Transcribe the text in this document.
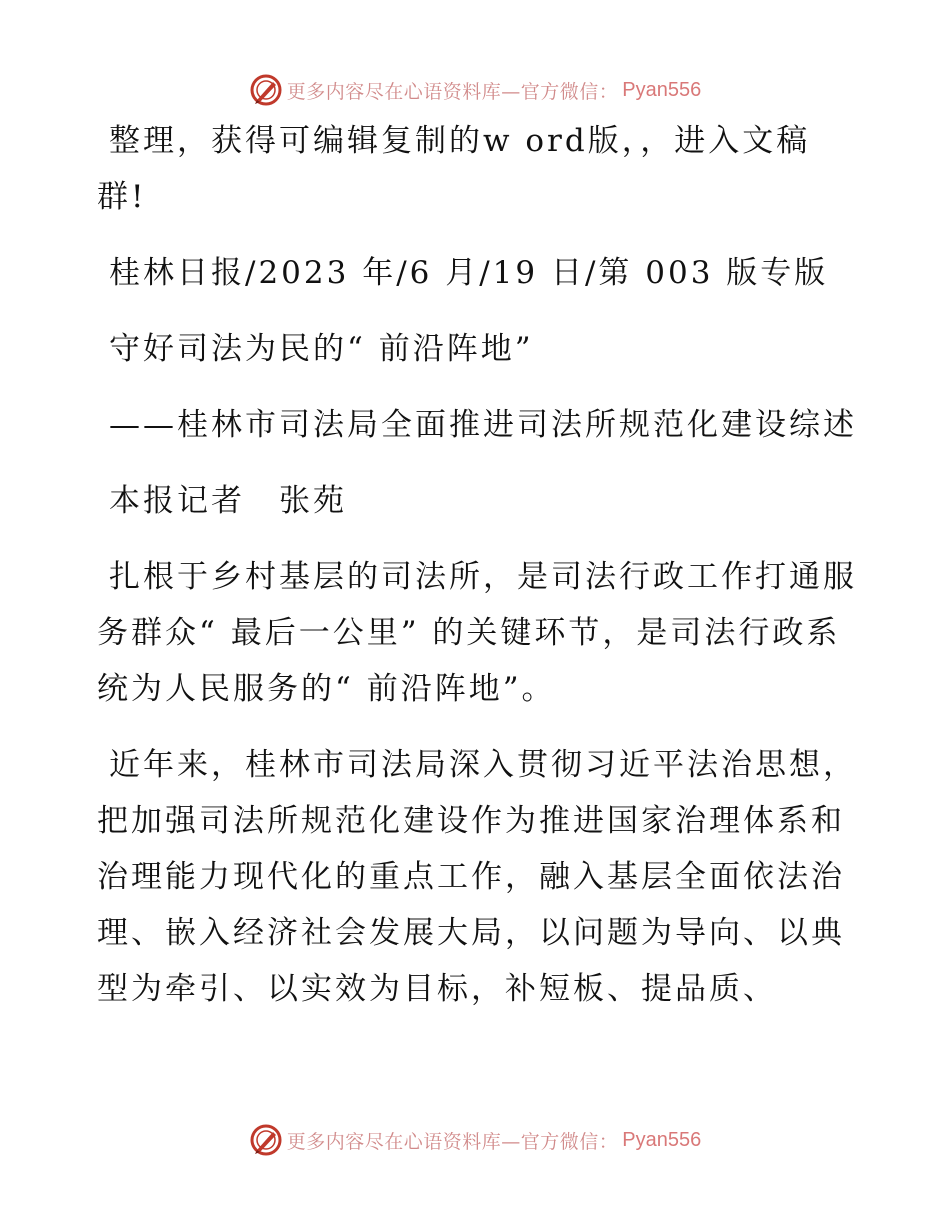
更多内容尽在心语资料库—官方微信： Pyan556

整理，获得可编辑复制的w ord版，，进入文稿群!

桂林日报/2023 年/6 月/19 日/第 003 版专版

守好司法为民的“ 前沿阵地”

——桂林市司法局全面推进司法所规范化建设综述

本报记者　张苑

扎根于乡村基层的司法所，是司法行政工作打通服务群众“ 最后一公里” 的关键环节，是司法行政系统为人民服务的“ 前沿阵地”。

近年来，桂林市司法局深入贯彻习近平法治思想，把加强司法所规范化建设作为推进国家治理体系和治理能力现代化的重点工作，融入基层全面依法治理、嵌入经济社会发展大局，以问题为导向、以典型为牵引、以实效为目标，补短板、提品质、

更多内容尽在心语资料库—官方微信： Pyan556
